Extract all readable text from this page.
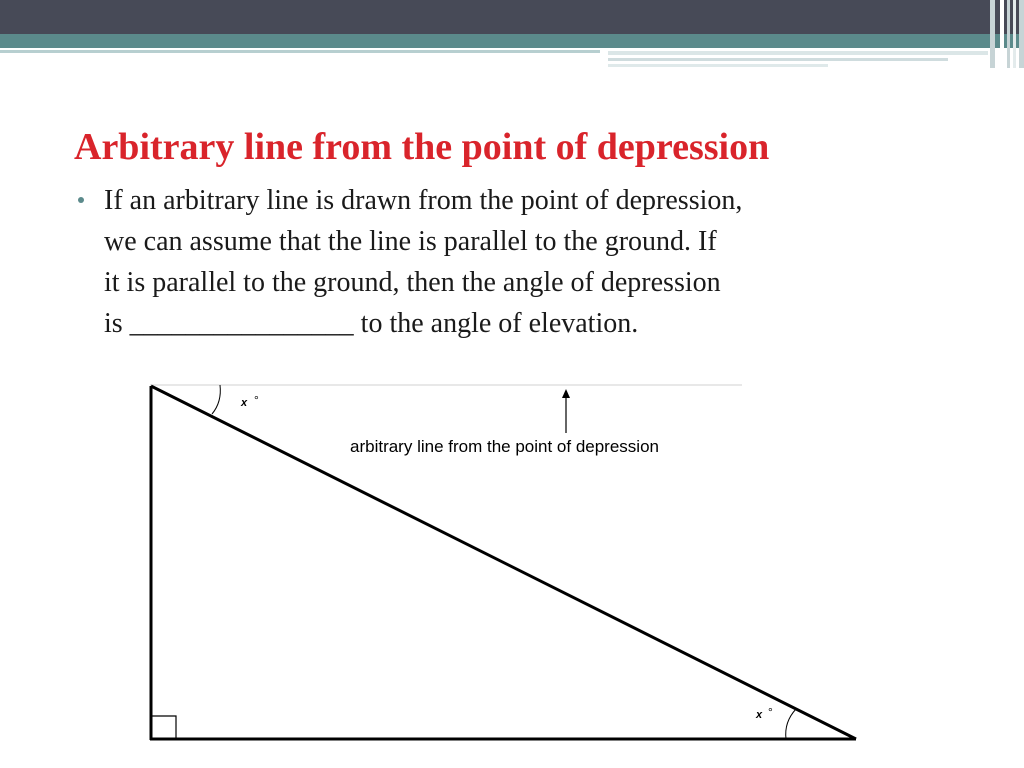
Arbitrary line from the point of depression
If an arbitrary line is drawn from the point of depression,
we can assume that the line is parallel to the ground. If
it is parallel to the ground, then the angle of depression
is ________________ to the angle of elevation.
x °
x °
arbitrary line from the point of depression
